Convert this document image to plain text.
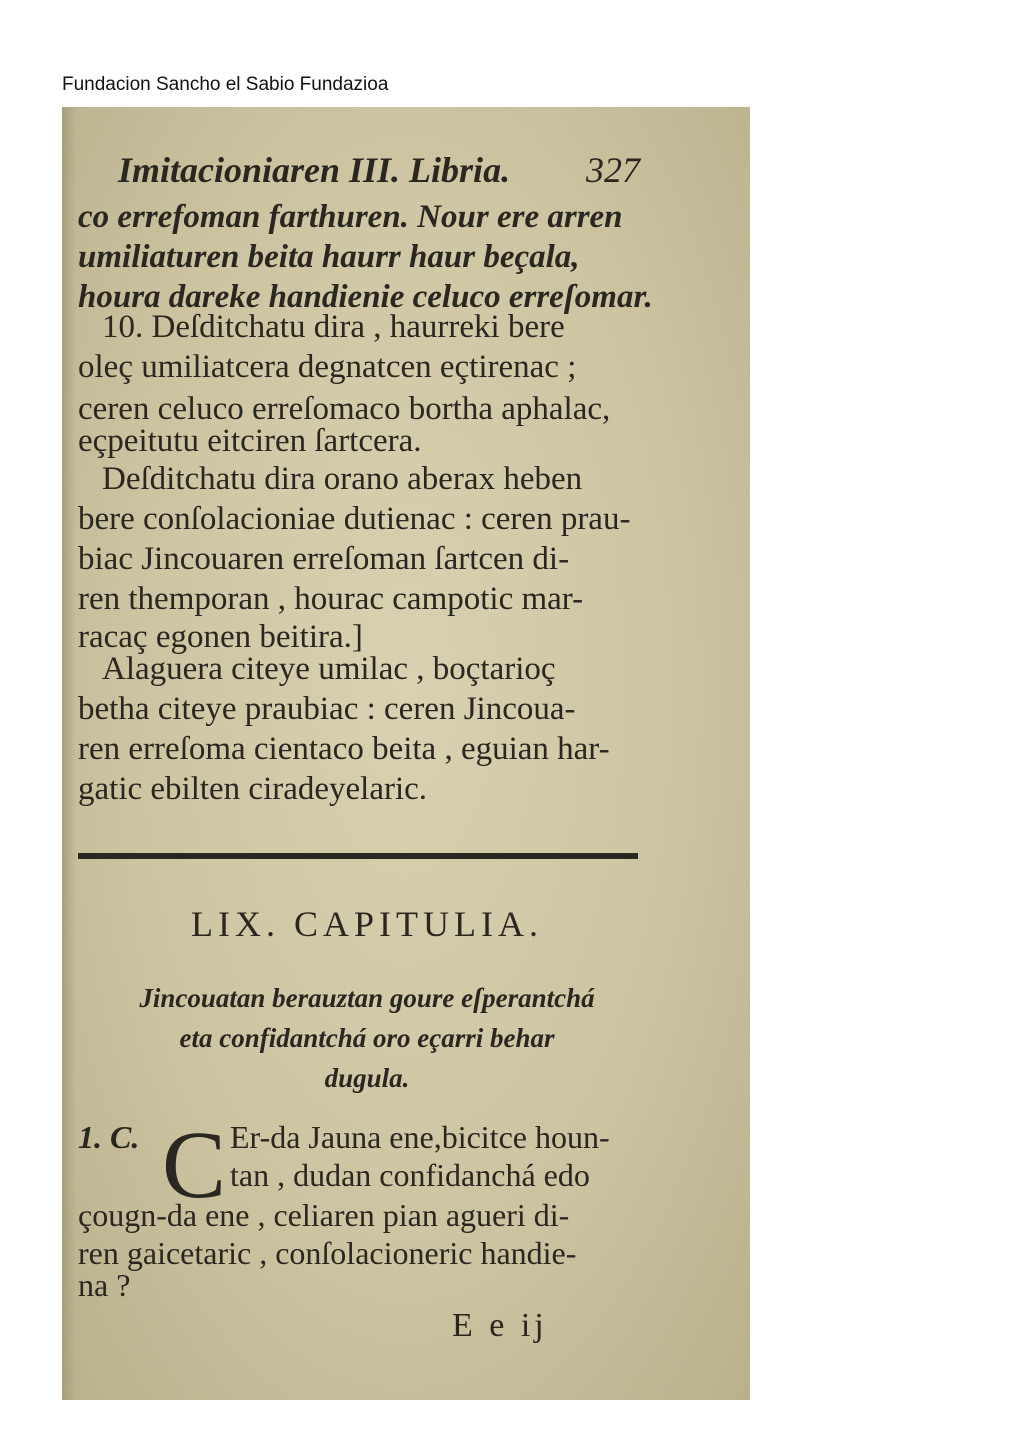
Fundacion Sancho el Sabio Fundazioa
Imitacioniaren III. Libria.	327
co errefoman farthuren. Nour ere arren
umiliaturen beita haurr haur beçala,
houra dareke handienie celuco erreſomar.
10. Deſditchatu dira , haurreki bere
oleç umiliatcera degnatcen eçtirenac ;
ceren celuco erreſomaco bortha aphalac,
eçpeitutu eitciren ſartcera.
Deſditchatu dira orano aberax heben
bere conſolacioniae dutienac : ceren prau-
biac Jincouaren erreſoman ſartcen di-
ren themporan , hourac campotic mar-
racaç egonen beitira.]
Alaguera citeye umilac , boçtarioç
betha citeye praubiac : ceren Jincoua-
ren erreſoma cientaco beita , eguian har-
gatic ebilten ciradeyelaric.
LIX. CAPITULIA.
Jincouatan berauztan goure eſperantchá
eta confidantchá oro eçarri behar
dugula.
1. C. C Er-da Jauna ene,bicitce houn-
tan , dudan confidanchá edo
çougn-da ene , celiaren pian agueri di-
ren gaicetaric , conſolacioneric handie-
na ?
E e ij
